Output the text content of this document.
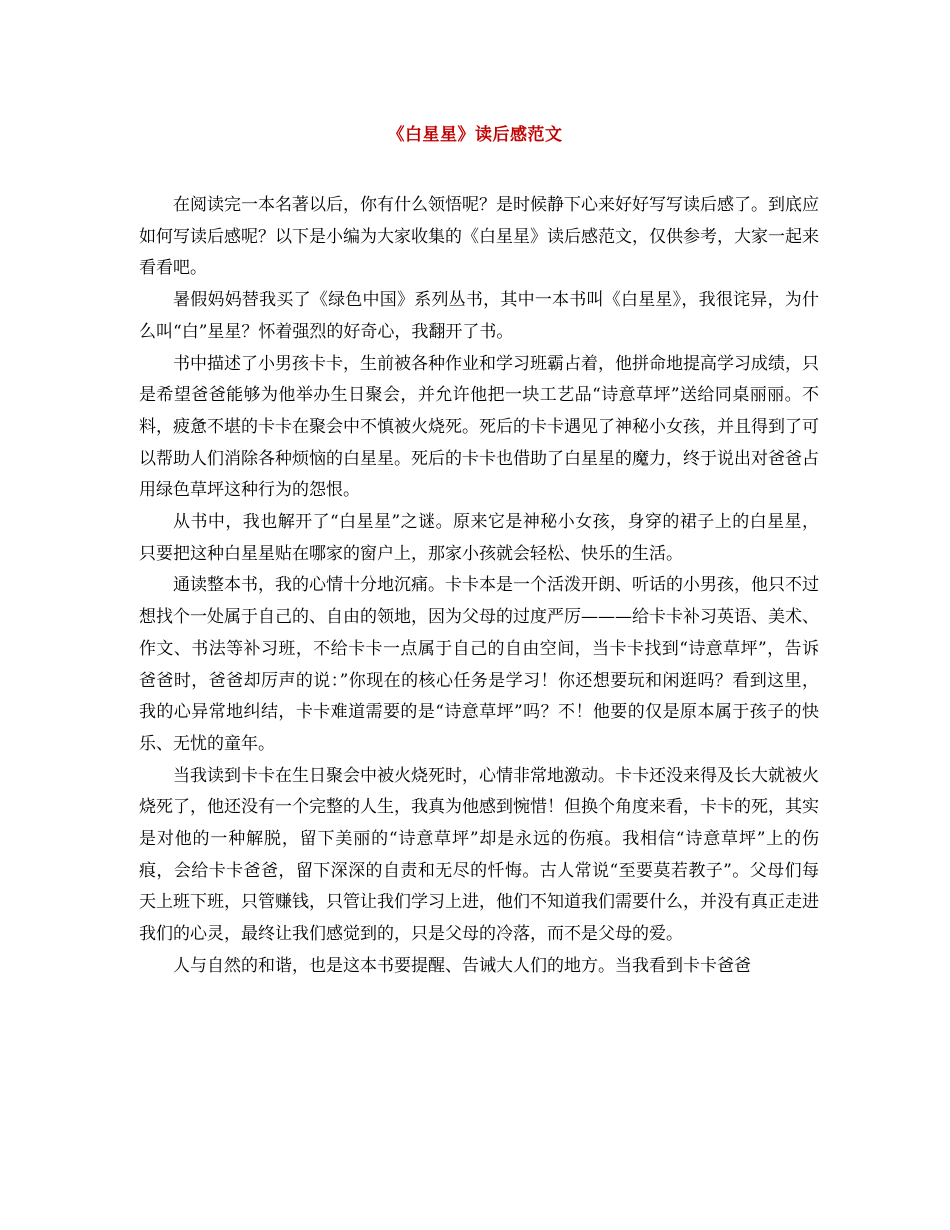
《白星星》读后感范文

在阅读完一本名著以后，你有什么领悟呢？是时候静下心来好好写写读后感了。到底应如何写读后感呢？以下是小编为大家收集的《白星星》读后感范文，仅供参考，大家一起来看看吧。

暑假妈妈替我买了《绿色中国》系列丛书，其中一本书叫《白星星》，我很诧异，为什么叫“白”星星？怀着强烈的好奇心，我翻开了书。

书中描述了小男孩卡卡，生前被各种作业和学习班霸占着，他拼命地提高学习成绩，只是希望爸爸能够为他举办生日聚会，并允许他把一块工艺品“诗意草坪”送给同桌丽丽。不料，疲惫不堪的卡卡在聚会中不慎被火烧死。死后的卡卡遇见了神秘小女孩，并且得到了可以帮助人们消除各种烦恼的白星星。死后的卡卡也借助了白星星的魔力，终于说出对爸爸占用绿色草坪这种行为的怨恨。

从书中，我也解开了“白星星”之谜。原来它是神秘小女孩，身穿的裙子上的白星星，只要把这种白星星贴在哪家的窗户上，那家小孩就会轻松、快乐的生活。

通读整本书，我的心情十分地沉痛。卡卡本是一个活泼开朗、听话的小男孩，他只不过想找个一处属于自己的、自由的领地，因为父母的过度严厉———给卡卡补习英语、美术、作文、书法等补习班，不给卡卡一点属于自己的自由空间，当卡卡找到“诗意草坪”，告诉爸爸时，爸爸却厉声的说：”你现在的核心任务是学习！你还想要玩和闲逛吗？看到这里，我的心异常地纠结，卡卡难道需要的是“诗意草坪”吗？不！他要的仅是原本属于孩子的快乐、无忧的童年。

当我读到卡卡在生日聚会中被火烧死时，心情非常地激动。卡卡还没来得及长大就被火烧死了，他还没有一个完整的人生，我真为他感到惋惜！但换个角度来看，卡卡的死，其实是对他的一种解脱，留下美丽的“诗意草坪”却是永远的伤痕。我相信“诗意草坪”上的伤痕，会给卡卡爸爸，留下深深的自责和无尽的忏悔。古人常说“至要莫若教子”。父母们每天上班下班，只管赚钱，只管让我们学习上进，他们不知道我们需要什么，并没有真正走进我们的心灵，最终让我们感觉到的，只是父母的冷落，而不是父母的爱。

人与自然的和谐，也是这本书要提醒、告诫大人们的地方。当我看到卡卡爸爸
